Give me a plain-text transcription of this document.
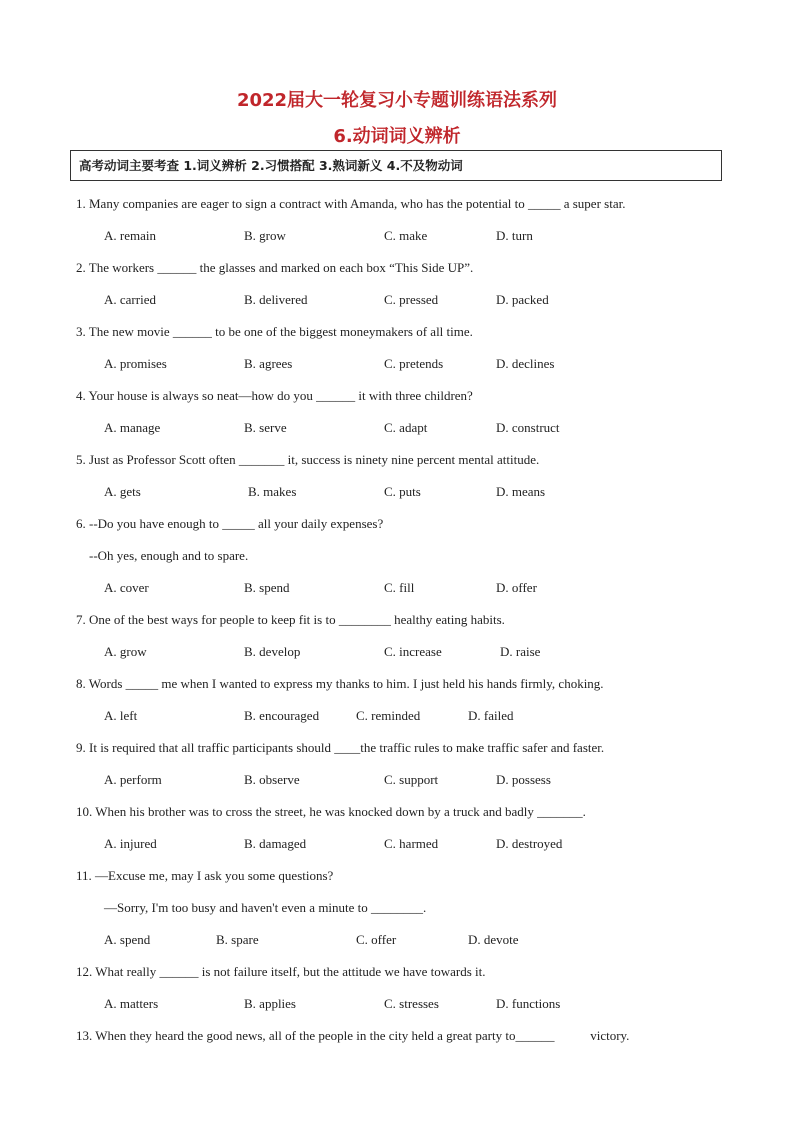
2022届大一轮复习小专题训练语法系列
6.动词词义辨析
高考动词主要考查 1.词义辨析 2.习惯搭配 3.熟词新义 4.不及物动词
1. Many companies are eager to sign a contract with Amanda, who has the potential to _____ a super star.
A. remain	B. grow	C. make	D. turn
2. The workers ______ the glasses and marked on each box “This Side UP”.
A. carried	B. delivered	C. pressed	D. packed
3. The new movie ______ to be one of the biggest moneymakers of all time.
A. promises	B. agrees	C. pretends	D. declines
4. Your house is always so neat—how do you ______ it with three children?
A. manage	B. serve	C. adapt	D. construct
5. Just as Professor Scott often _______ it, success is ninety nine percent mental attitude.
A. gets	B. makes	C. puts	D. means
6. --Do you have enough to _____ all your daily expenses?
--Oh yes, enough and to spare.
A. cover	B. spend	C. fill	D. offer
7. One of the best ways for people to keep fit is to ________ healthy eating habits.
A. grow	B. develop	C. increase	D. raise
8. Words _____ me when I wanted to express my thanks to him. I just held his hands firmly, choking.
A. left	B. encouraged	C. reminded	D. failed
9. It is required that all traffic participants should ____the traffic rules to make traffic safer and faster.
A. perform	B. observe	C. support	D. possess
10. When his brother was to cross the street, he was knocked down by a truck and badly _______.
A. injured	B. damaged	C. harmed	D. destroyed
11. —Excuse me, may I ask you some questions?
—Sorry, I'm too busy and haven't even a minute to ________.
A. spend	B. spare	C. offer	D. devote
12. What really ______ is not failure itself, but the attitude we have towards it.
A. matters	B. applies	C. stresses	D. functions
13. When they heard the good news, all of the people in the city held a great party to______           victory.
